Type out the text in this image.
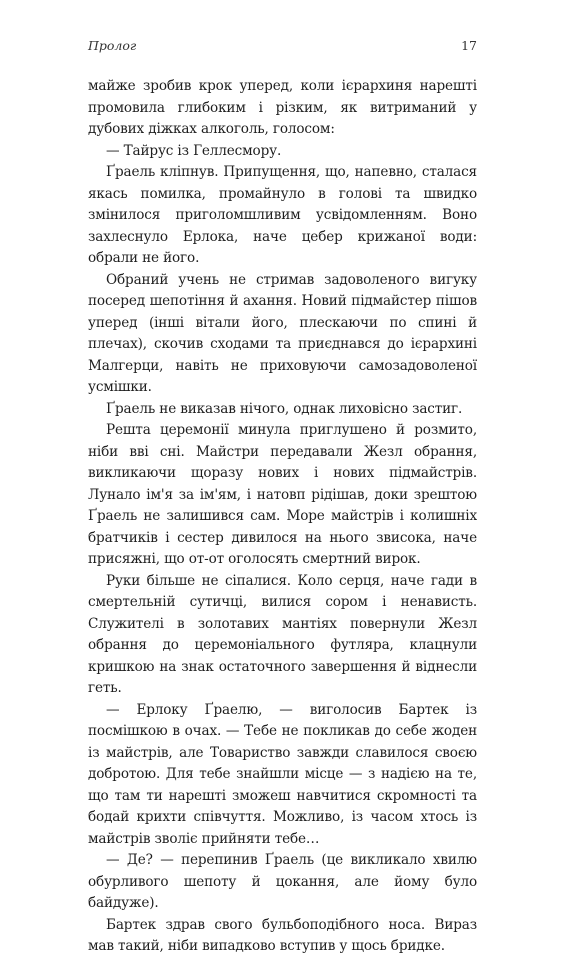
Пролог	17

майже зробив крок уперед, коли ієрархиня нарешті промовила глибоким і різким, як витриманий у дубових діжках алкоголь, голосом:

— Тайрус із Геллесмору.

Ґраель кліпнув. Припущення, що, напевно, сталася якась помилка, промайнуло в голові та швидко змінилося приголомшливим усвідомленням. Воно захлеснуло Ерлока, наче цебер крижаної води: обрали не його.

Обраний учень не стримав задоволеного вигуку посеред шепотіння й ахання. Новий підмайстер пішов уперед (інші вітали його, плескаючи по спині й плечах), скочив сходами та приєднався до ієрархині Малгерци, навіть не приховуючи самозадоволеної усмішки.

Ґраель не виказав нічого, однак лиховісно застиг.

Решта церемонії минула приглушено й розмито, ніби вві сні. Майстри передавали Жезл обрання, викликаючи щоразу нових і нових підмайстрів. Лунало ім'я за ім'ям, і натовп рідішав, доки зрештою Ґраель не залишився сам. Море майстрів і колишніх братчиків і сестер дивилося на нього звисока, наче присяжні, що от-от оголосять смертний вирок.

Руки більше не сіпалися. Коло серця, наче гади в смертельній сутичці, вилися сором і ненависть. Служителі в золотавих мантіях повернули Жезл обрання до церемоніального футляра, клацнули кришкою на знак остаточного завершення й віднесли геть.

— Ерлоку Ґраелю, — виголосив Бартек із посмішкою в очах. — Тебе не покликав до себе жоден із майстрів, але Товариство завжди славилося своєю добротою. Для тебе знайшли місце — з надією на те, що там ти нарешті зможеш навчитися скромності та бодай крихти співчуття. Можливо, із часом хтось із майстрів зволіє прийняти тебе…

— Де? — перепинив Ґраель (це викликало хвилю обурливого шепоту й цокання, але йому було байдуже).

Бартек здрав свого бульбоподібного носа. Вираз мав такий, ніби випадково вступив у щось бридке.
